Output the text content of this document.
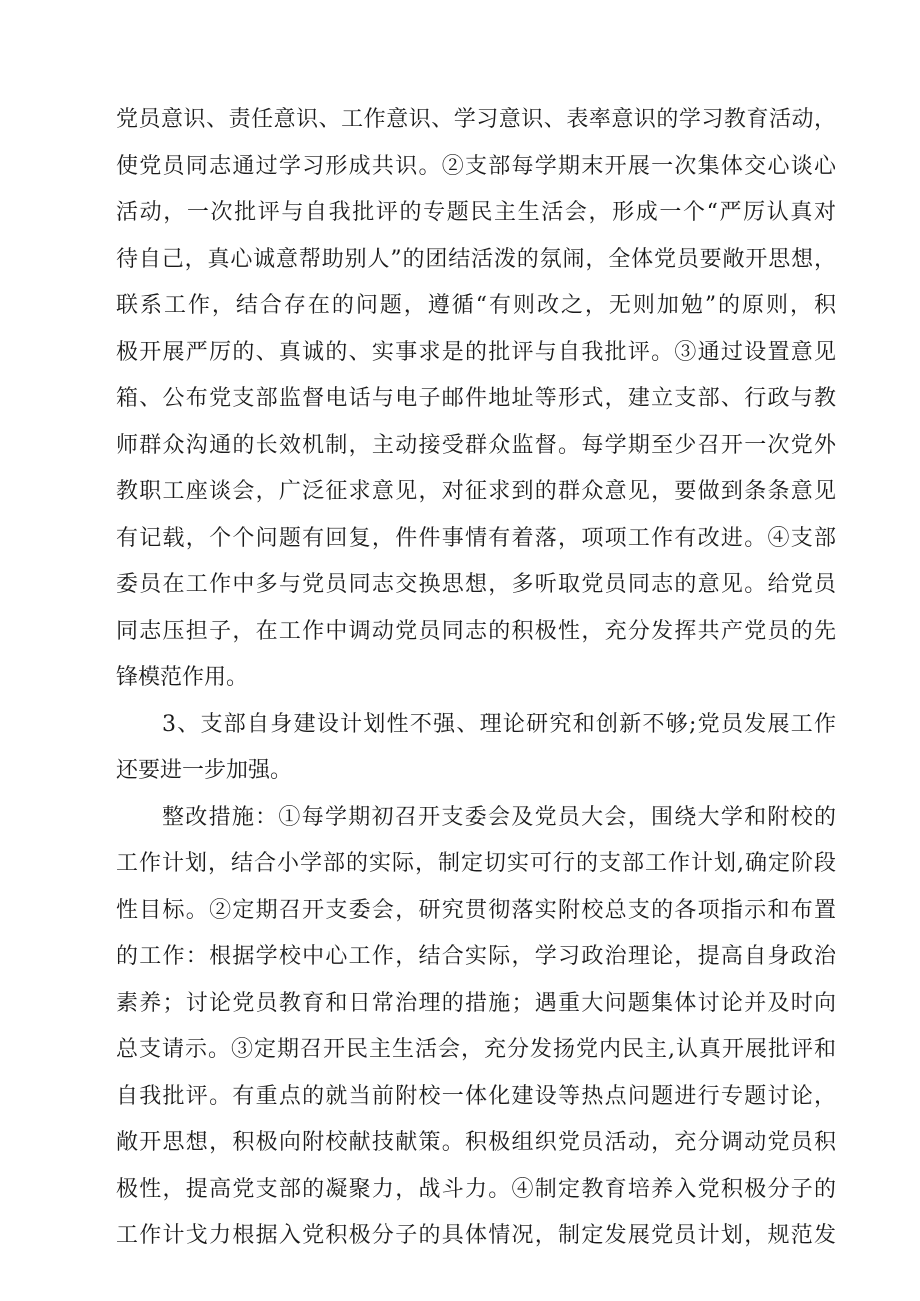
党员意识、责任意识、工作意识、学习意识、表率意识的学习教育活动，
使党员同志通过学习形成共识。②支部每学期末开展一次集体交心谈心
活动，一次批评与自我批评的专题民主生活会，形成一个“严厉认真对
待自己，真心诚意帮助别人”的团结活泼的氛闹，全体党员要敞开思想，
联系工作，结合存在的问题，遵循“有则改之，无则加勉”的原则，积
极开展严厉的、真诚的、实事求是的批评与自我批评。③通过设置意见
箱、公布党支部监督电话与电子邮件地址等形式，建立支部、行政与教
师群众沟通的长效机制，主动接受群众监督。每学期至少召开一次党外
教职工座谈会，广泛征求意见，对征求到的群众意见，要做到条条意见
有记载，个个问题有回复，件件事情有着落，项项工作有改进。④支部
委员在工作中多与党员同志交换思想，多听取党员同志的意见。给党员
同志压担子，在工作中调动党员同志的积极性，充分发挥共产党员的先
锋模范作用。
3、支部自身建设计划性不强、理论研究和创新不够;党员发展工作
还要进一步加强。
整改措施：①每学期初召开支委会及党员大会，围绕大学和附校的
工作计划，结合小学部的实际，制定切实可行的支部工作计划,确定阶段
性目标。②定期召开支委会，研究贯彻落实附校总支的各项指示和布置
的工作：根据学校中心工作，结合实际，学习政治理论，提高自身政治
素养；讨论党员教育和日常治理的措施；遇重大问题集体讨论并及时向
总支请示。③定期召开民主生活会，充分发扬党内民主,认真开展批评和
自我批评。有重点的就当前附校一体化建设等热点问题进行专题讨论，
敞开思想，积极向附校献技献策。积极组织党员活动，充分调动党员积
极性，提高党支部的凝聚力，战斗力。④制定教育培养入党积极分子的
工作计戈力根据入党积极分子的具体情况，制定发展党员计划，规范发
